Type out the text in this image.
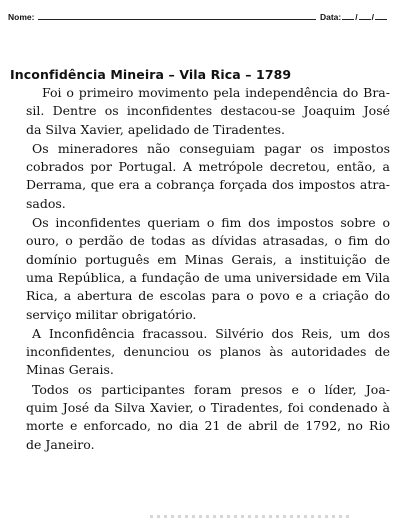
Nome:	Data: / /
Inconfidência Mineira – Vila Rica – 1789

Foi o primeiro movimento pela independência do Bra-
sil. Dentre os inconfidentes destacou-se Joaquim José
da Silva Xavier, apelidado de Tiradentes.

Os mineradores não conseguiam pagar os impostos
cobrados por Portugal. A metrópole decretou, então, a
Derrama, que era a cobrança forçada dos impostos atra-
sados.

Os inconfidentes queriam o fim dos impostos sobre o
ouro, o perdão de todas as dívidas atrasadas, o fim do
domínio português em Minas Gerais, a instituição de
uma República, a fundação de uma universidade em Vila
Rica, a abertura de escolas para o povo e a criação do
serviço militar obrigatório.

A Inconfidência fracassou. Silvério dos Reis, um dos
inconfidentes, denunciou os planos às autoridades de
Minas Gerais.

Todos os participantes foram presos e o líder, Joa-
quim José da Silva Xavier, o Tiradentes, foi condenado à
morte e enforcado, no dia 21 de abril de 1792, no Rio
de Janeiro.
